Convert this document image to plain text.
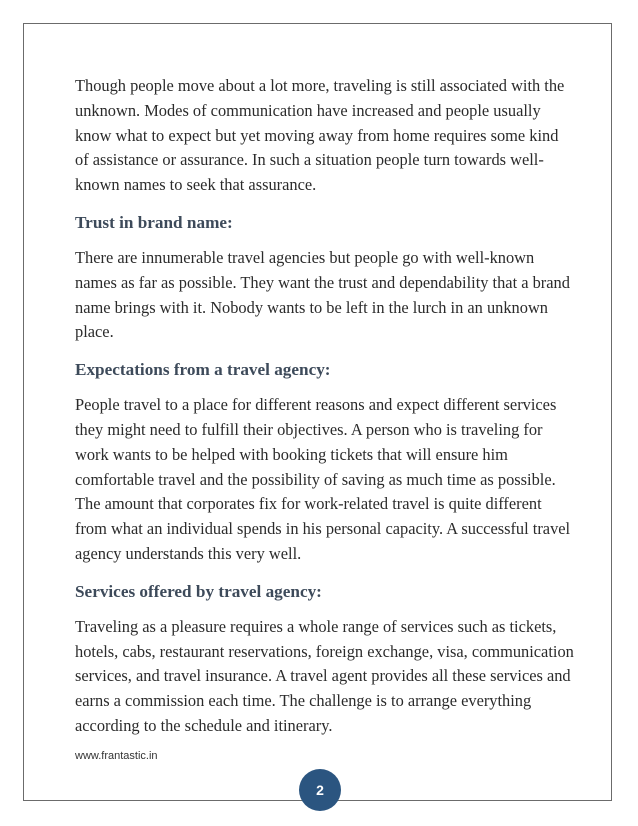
Though people move about a lot more, traveling is still associated with the unknown. Modes of communication have increased and people usually know what to expect but yet moving away from home requires some kind of assistance or assurance. In such a situation people turn towards well-known names to seek that assurance.

Trust in brand name:

There are innumerable travel agencies but people go with well-known names as far as possible. They want the trust and dependability that a brand name brings with it. Nobody wants to be left in the lurch in an unknown place.

Expectations from a travel agency:

People travel to a place for different reasons and expect different services they might need to fulfill their objectives. A person who is traveling for work wants to be helped with booking tickets that will ensure him comfortable travel and the possibility of saving as much time as possible. The amount that corporates fix for work-related travel is quite different from what an individual spends in his personal capacity. A successful travel agency understands this very well.

Services offered by travel agency:

Traveling as a pleasure requires a whole range of services such as tickets, hotels, cabs, restaurant reservations, foreign exchange, visa, communication services, and travel insurance. A travel agent provides all these services and earns a commission each time. The challenge is to arrange everything according to the schedule and itinerary.

www.frantastic.in
2
